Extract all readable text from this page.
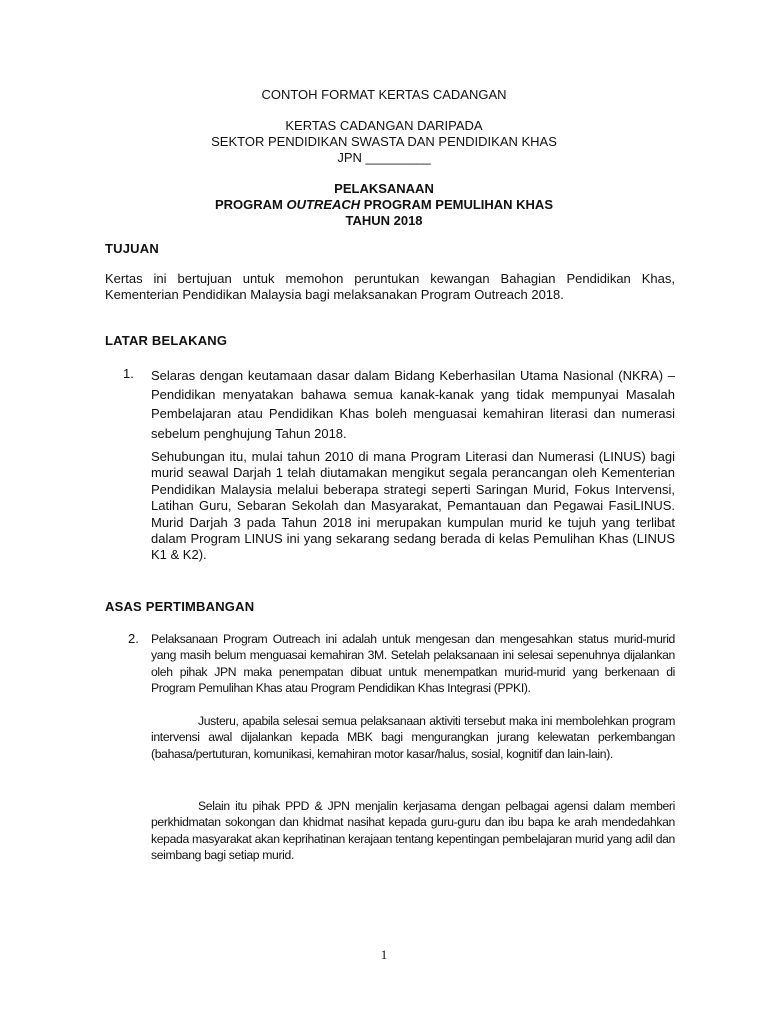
CONTOH FORMAT KERTAS CADANGAN
KERTAS CADANGAN DARIPADA
SEKTOR PENDIDIKAN SWASTA DAN PENDIDIKAN KHAS
JPN _________
PELAKSANAAN
PROGRAM OUTREACH PROGRAM PEMULIHAN KHAS
TAHUN 2018
TUJUAN
Kertas ini bertujuan untuk memohon peruntukan kewangan Bahagian Pendidikan Khas, Kementerian Pendidikan Malaysia bagi melaksanakan Program Outreach 2018.
LATAR BELAKANG
1. Selaras dengan keutamaan dasar dalam Bidang Keberhasilan Utama Nasional (NKRA) – Pendidikan menyatakan bahawa semua kanak-kanak yang tidak mempunyai Masalah Pembelajaran atau Pendidikan Khas boleh menguasai kemahiran literasi dan numerasi sebelum penghujung Tahun 2018.
Sehubungan itu, mulai tahun 2010 di mana Program Literasi dan Numerasi (LINUS) bagi murid seawal Darjah 1 telah diutamakan mengikut segala perancangan oleh Kementerian Pendidikan Malaysia melalui beberapa strategi seperti Saringan Murid, Fokus Intervensi, Latihan Guru, Sebaran Sekolah dan Masyarakat, Pemantauan dan Pegawai FasiLINUS. Murid Darjah 3 pada Tahun 2018 ini merupakan kumpulan murid ke tujuh yang terlibat dalam Program LINUS ini yang sekarang sedang berada di kelas Pemulihan Khas (LINUS K1 & K2).
ASAS PERTIMBANGAN
2. Pelaksanaan Program Outreach ini adalah untuk mengesan dan mengesahkan status murid-murid yang masih belum menguasai kemahiran 3M. Setelah pelaksanaan ini selesai sepenuhnya dijalankan oleh pihak JPN maka penempatan dibuat untuk menempatkan murid-murid yang berkenaan di Program Pemulihan Khas atau Program Pendidikan Khas Integrasi (PPKI).
Justeru, apabila selesai semua pelaksanaan aktiviti tersebut maka ini membolehkan program intervensi awal dijalankan kepada MBK bagi mengurangkan jurang kelewatan perkembangan (bahasa/pertuturan, komunikasi, kemahiran motor kasar/halus, sosial, kognitif dan lain-lain).
Selain itu pihak PPD & JPN menjalin kerjasama dengan pelbagai agensi dalam memberi perkhidmatan sokongan dan khidmat nasihat kepada guru-guru dan ibu bapa ke arah mendedahkan kepada masyarakat akan keprihatinan kerajaan tentang kepentingan pembelajaran murid yang adil dan seimbang bagi setiap murid.
1
